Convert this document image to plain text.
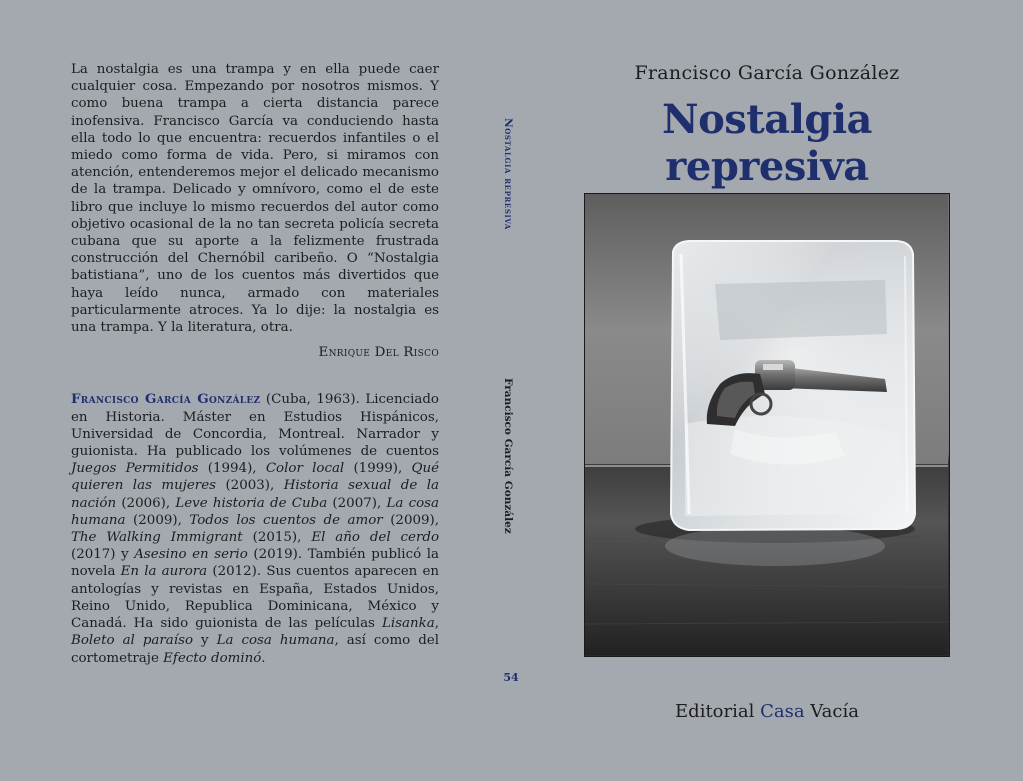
La nostalgia es una trampa y en ella puede caer cualquier cosa. Empezando por nosotros mismos. Y como buena trampa a cierta distancia parece inofensiva. Francisco García va conduciendo hasta ella todo lo que encuentra: recuerdos infantiles o el miedo como forma de vida. Pero, si miramos con atención, entenderemos mejor el delicado mecanismo de la trampa. Delicado y omnívoro, como el de este libro que incluye lo mismo recuerdos del autor como objetivo ocasional de la no tan secreta policía secreta cubana que su aporte a la felizmente frustrada construcción del Chernóbil caribeño. O “Nostalgia batistiana”, uno de los cuentos más divertidos que haya leído nunca, armado con materiales particularmente atroces. Ya lo dije: la nostalgia es una trampa. Y la literatura, otra.

Enrique Del Risco

Francisco García González (Cuba, 1963). Licenciado en Historia. Máster en Estudios Hispánicos, Universidad de Concordia, Montreal. Narrador y guionista. Ha publicado los volúmenes de cuentos Juegos Permitidos (1994), Color local (1999), Qué quieren las mujeres (2003), Historia sexual de la nación (2006), Leve historia de Cuba (2007), La cosa humana (2009), Todos los cuentos de amor (2009), The Walking Immigrant (2015), El año del cerdo (2017) y Asesino en serio (2019). También publicó la novela En la aurora (2012). Sus cuentos aparecen en antologías y revistas en España, Estados Unidos, Reino Unido, Republica Dominicana, México y Canadá. Ha sido guionista de las películas Lisanka, Boleto al paraíso y La cosa humana, así como del cortometraje Efecto dominó.

Nostalgia represiva
Francisco García González
54
Francisco García González
Nostalgia represiva
Editorial Casa Vacía
